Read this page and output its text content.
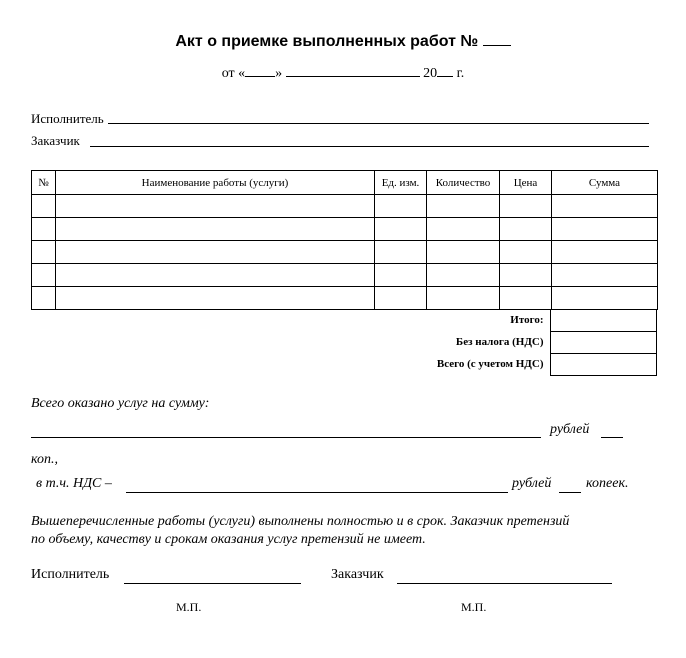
Акт о приемке выполненных работ №
от « »	20 г.
Исполнитель
Заказчик
№	Наименование работы (услуги)	Ед. изм.	Количество	Цена	Сумма

Итого:	
Без налога (НДС)	
Всего (с учетом НДС)	
Всего оказано услуг на сумму:
рублей
коп.,
в т.ч. НДС –	рублей копеек.
Вышеперечисленные работы (услуги) выполнены полностью и в срок. Заказчик претензий
по объему, качеству и срокам оказания услуг претензий не имеет.
Исполнитель	Заказчик
М.П.	М.П.
